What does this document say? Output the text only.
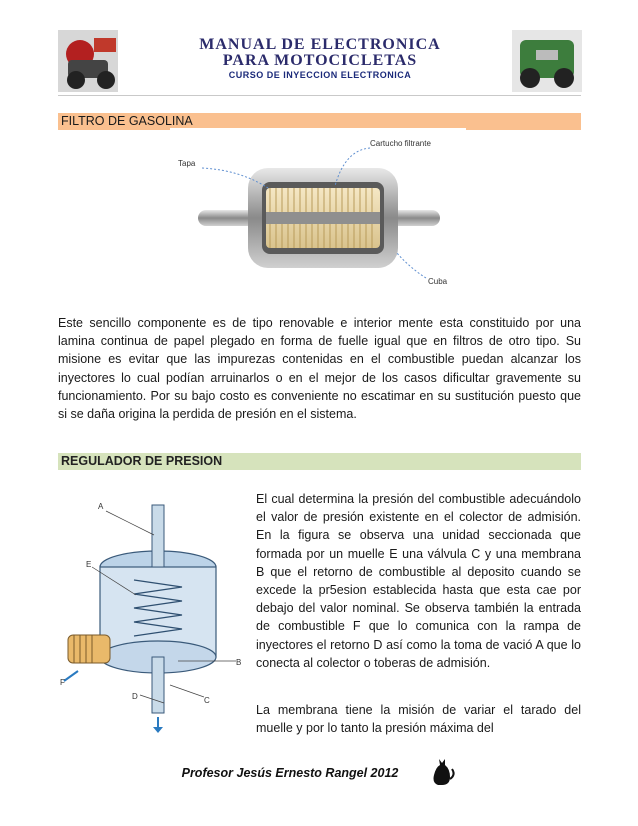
MANUAL DE ELECTRONICA
PARA MOTOCICLETAS
CURSO DE INYECCION ELECTRONICA
FILTRO DE GASOLINA
Tapa
Cartucho filtrante
Cuba
Este sencillo componente es de tipo renovable e interior mente esta constituido por una lamina continua de papel plegado en forma de fuelle igual que en filtros de otro tipo. Su misione es evitar que las impurezas contenidas en el combustible puedan alcanzar los inyectores lo cual podían arruinarlos o en el mejor de los casos dificultar gravemente su funcionamiento. Por su bajo costo es conveniente no escatimar en su sustitución puesto que si se daña origina la perdida de presión en el sistema.
REGULADOR DE PRESION
A
E
B
C
D
F
El cual determina la presión del combustible adecuándolo el valor de presión existente en el colector de admisión. En la figura se observa una unidad seccionada que formada por un muelle E una válvula C y una membrana B que el retorno de combustible al deposito cuando se excede la pr5esion establecida hasta que esta cae por debajo del valor nominal. Se observa también la entrada de combustible F que lo comunica con la rampa de inyectores el retorno D así como la toma de vació A que lo conecta al colector o toberas de admisión.
La membrana tiene la misión de variar el tarado del muelle y por lo tanto la presión máxima del
Profesor Jesús Ernesto Rangel 2012
